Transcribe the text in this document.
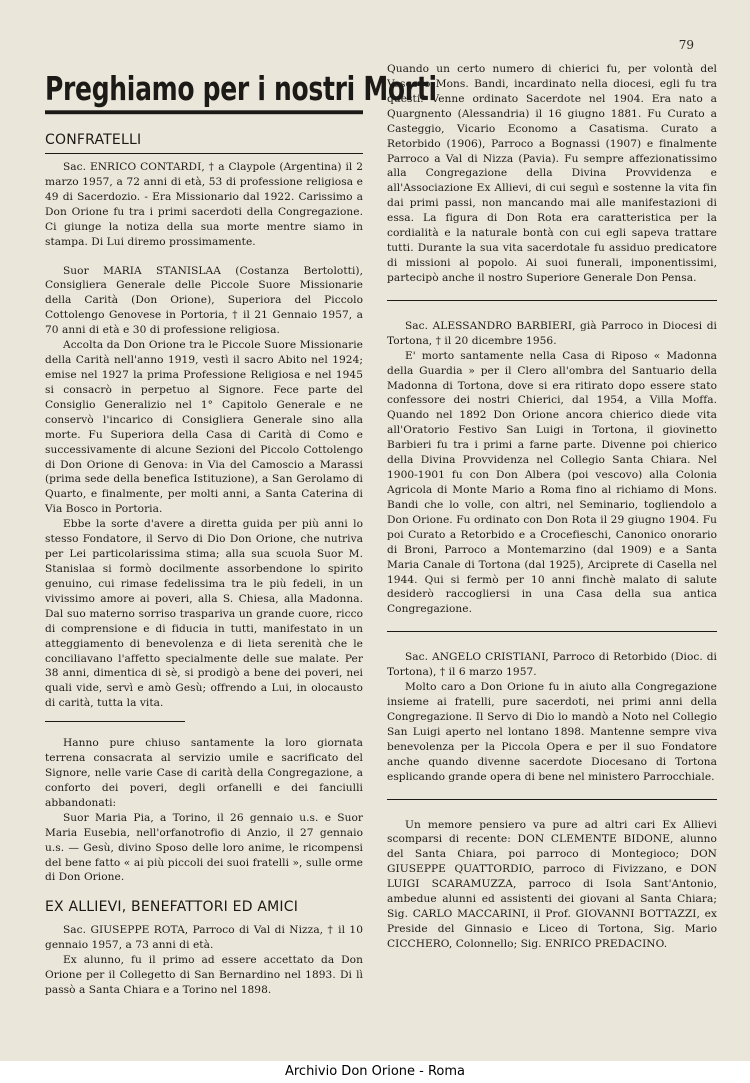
79
Preghiamo per i nostri Morti
CONFRATELLI

Sac. ENRICO CONTARDI, † a Claypole (Argentina) il 2 marzo 1957, a 72 anni di età, 53 di professione religiosa e 49 di Sacerdozio. - Era Missionario dal 1922. Carissimo a Don Orione fu tra i primi sacerdoti della Congregazione. Ci giunge la notiza della sua morte mentre siamo in stampa. Di Lui diremo prossimamente.

Suor MARIA STANISLAA (Costanza Bertolotti), Consigliera Generale delle Piccole Suore Missionarie della Carità (Don Orione), Superiora del Piccolo Cottolengo Genovese in Portoria, † il 21 Gennaio 1957, a 70 anni di età e 30 di professione religiosa.

Accolta da Don Orione tra le Piccole Suore Missionarie della Carità nell'anno 1919, vestì il sacro Abito nel 1924; emise nel 1927 la prima Professione Religiosa e nel 1945 si consacrò in perpetuo al Signore. Fece parte del Consiglio Generalizio nel 1° Capitolo Generale e ne conservò l'incarico di Consigliera Generale sino alla morte. Fu Superiora della Casa di Carità di Como e successivamente di alcune Sezioni del Piccolo Cottolengo di Don Orione di Genova: in Via del Camoscio a Marassi (prima sede della benefica Istituzione), a San Gerolamo di Quarto, e finalmente, per molti anni, a Santa Caterina di Via Bosco in Portoria.

Ebbe la sorte d'avere a diretta guida per più anni lo stesso Fondatore, il Servo di Dio Don Orione, che nutriva per Lei particolarissima stima; alla sua scuola Suor M. Stanislaa si formò docilmente assorbendone lo spirito genuino, cui rimase fedelissima tra le più fedeli, in un vivissimo amore ai poveri, alla S. Chiesa, alla Madonna. Dal suo materno sorriso traspariva un grande cuore, ricco di comprensione e di fiducia in tutti, manifestato in un atteggiamento di benevolenza e di lieta serenità che le conciliavano l'affetto specialmente delle sue malate. Per 38 anni, dimentica di sè, si prodigò a bene dei poveri, nei quali vide, servì e amò Gesù; offrendo a Lui, in olocausto di carità, tutta la vita.

Hanno pure chiuso santamente la loro giornata terrena consacrata al servizio umile e sacrificato del Signore, nelle varie Case di carità della Congregazione, a conforto dei poveri, degli orfanelli e dei fanciulli abbandonati:

Suor Maria Pia, a Torino, il 26 gennaio u.s. e Suor Maria Eusebia, nell'orfanotrofio di Anzio, il 27 gennaio u.s. — Gesù, divino Sposo delle loro anime, le ricompensi del bene fatto « ai più piccoli dei suoi fratelli », sulle orme di Don Orione.

EX ALLIEVI, BENEFATTORI ED AMICI

Sac. GIUSEPPE ROTA, Parroco di Val di Nizza, † il 10 gennaio 1957, a 73 anni di età.

Ex alunno, fu il primo ad essere accettato da Don Orione per il Collegetto di San Bernardino nel 1893. Di lì passò a Santa Chiara e a Torino nel 1898.

Quando un certo numero di chierici fu, per volontà del Vescovo Mons. Bandi, incardinato nella diocesi, egli fu tra questi. Venne ordinato Sacerdote nel 1904. Era nato a Quargnento (Alessandria) il 16 giugno 1881. Fu Curato a Casteggio, Vicario Economo a Casatisma. Curato a Retorbido (1906), Parroco a Bognassi (1907) e finalmente Parroco a Val di Nizza (Pavia). Fu sempre affezionatissimo alla Congregazione della Divina Provvidenza e all'Associazione Ex Allievi, di cui seguì e sostenne la vita fin dai primi passi, non mancando mai alle manifestazioni di essa. La figura di Don Rota era caratteristica per la cordialità e la naturale bontà con cui egli sapeva trattare tutti. Durante la sua vita sacerdotale fu assiduo predicatore di missioni al popolo. Ai suoi funerali, imponentissimi, partecipò anche il nostro Superiore Generale Don Pensa.

Sac. ALESSANDRO BARBIERI, già Parroco in Diocesi di Tortona, † il 20 dicembre 1956.

E' morto santamente nella Casa di Riposo « Madonna della Guardia » per il Clero all'ombra del Santuario della Madonna di Tortona, dove si era ritirato dopo essere stato confessore dei nostri Chierici, dal 1954, a Villa Moffa. Quando nel 1892 Don Orione ancora chierico diede vita all'Oratorio Festivo San Luigi in Tortona, il giovinetto Barbieri fu tra i primi a farne parte. Divenne poi chierico della Divina Provvidenza nel Collegio Santa Chiara. Nel 1900-1901 fu con Don Albera (poi vescovo) alla Colonia Agricola di Monte Mario a Roma fino al richiamo di Mons. Bandi che lo volle, con altri, nel Seminario, togliendolo a Don Orione. Fu ordinato con Don Rota il 29 giugno 1904. Fu poi Curato a Retorbido e a Crocefieschi, Canonico onorario di Broni, Parroco a Montemarzino (dal 1909) e a Santa Maria Canale di Tortona (dal 1925), Arciprete di Casella nel 1944. Qui si fermò per 10 anni finchè malato di salute desiderò raccogliersi in una Casa della sua antica Congregazione.

Sac. ANGELO CRISTIANI, Parroco di Retorbido (Dioc. di Tortona), † il 6 marzo 1957.

Molto caro a Don Orione fu in aiuto alla Congregazione insieme ai fratelli, pure sacerdoti, nei primi anni della Congregazione. Il Servo di Dio lo mandò a Noto nel Collegio San Luigi aperto nel lontano 1898. Mantenne sempre viva benevolenza per la Piccola Opera e per il suo Fondatore anche quando divenne sacerdote Diocesano di Tortona esplicando grande opera di bene nel ministero Parrocchiale.

Un memore pensiero va pure ad altri cari Ex Allievi scomparsi di recente: DON CLEMENTE BIDONE, alunno del Santa Chiara, poi parroco di Montegioco; DON GIUSEPPE QUATTORDIO, parroco di Fivizzano, e DON LUIGI SCARAMUZZA, parroco di Isola Sant'Antonio, ambedue alunni ed assistenti dei giovani al Santa Chiara; Sig. CARLO MACCARINI, il Prof. GIOVANNI BOTTAZZI, ex Preside del Ginnasio e Liceo di Tortona, Sig. Mario CICCHERO, Colonnello; Sig. ENRICO PREDACINO.

Archivio Don Orione - Roma
